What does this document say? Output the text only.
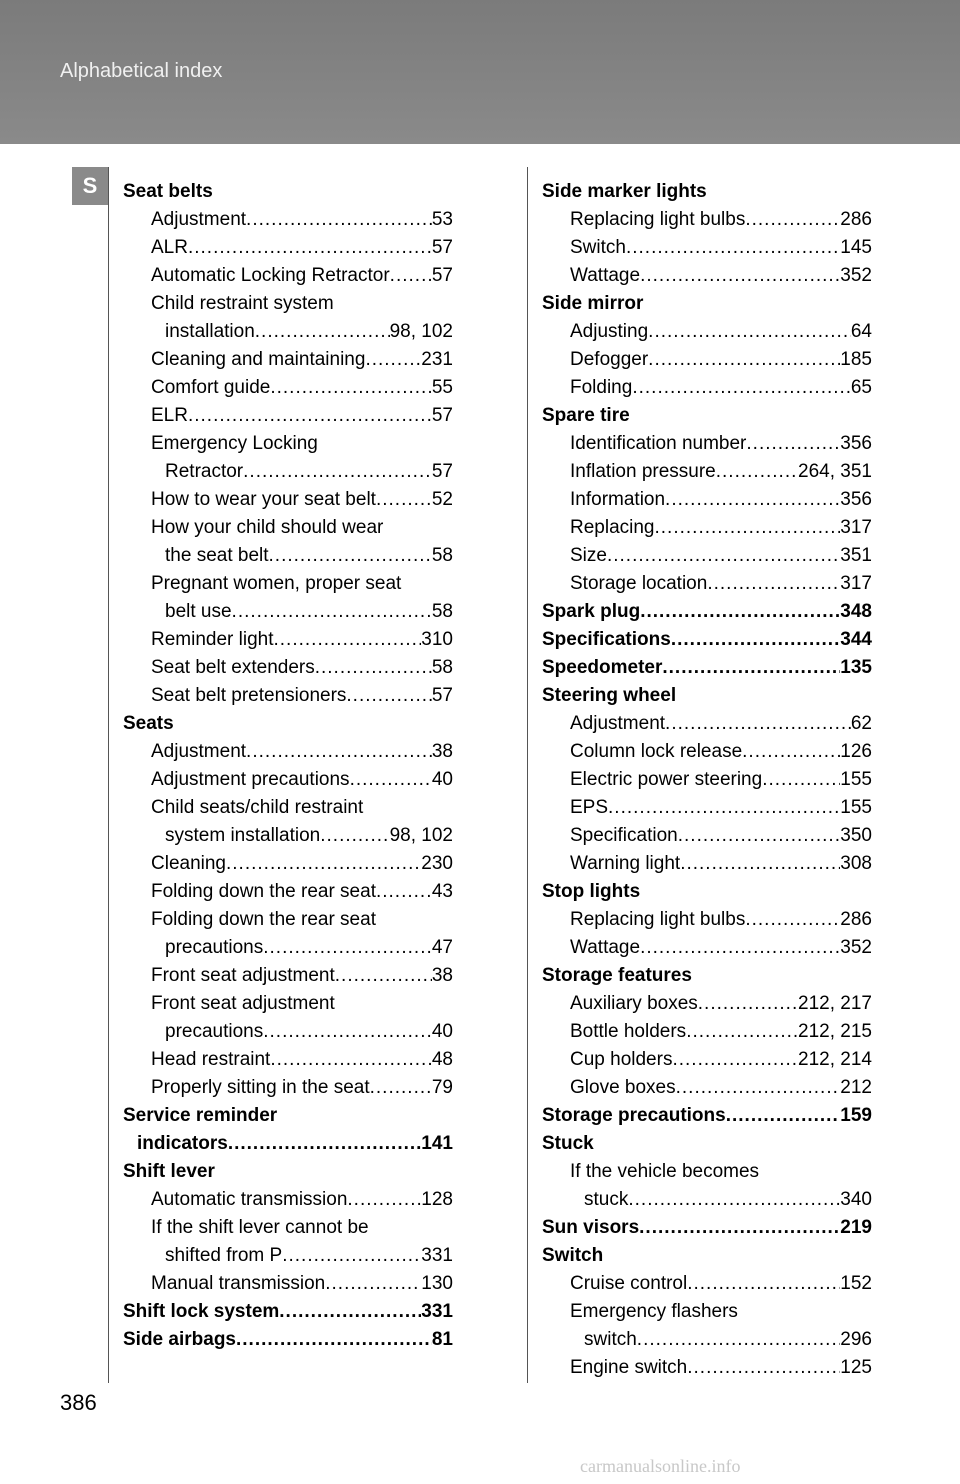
Alphabetical index
S	Seat belts
Adjustment .....	53
ALR .....	57
Automatic Locking Retractor ..... 57
Child restraint system
installation .....	98, 102
Cleaning and maintaining .....	231
Comfort guide .....	55
ELR .....	57
Emergency Locking
Retractor .....	57
How to wear your seat belt .....	52
How your child should wear
the seat belt .....	58
Pregnant women, proper seat
belt use .....	58
Reminder light .....	310
Seat belt extenders .....	58
Seat belt pretensioners .....	57
Seats
Adjustment .....	38
Adjustment precautions .....	40
Child seats/child restraint
system installation .....	98, 102
Cleaning .....	230
Folding down the rear seat .....	43
Folding down the rear seat
precautions .....	47
Front seat adjustment .....	38
Front seat adjustment
precautions .....	40
Head restraint .....	48
Properly sitting in the seat .....	79
Service reminder
indicators .....	141
Shift lever
Automatic transmission .....	128
If the shift lever cannot be
shifted from P .....	331
Manual transmission .....	130
Shift lock system .....	331
Side airbags .....	81
Side marker lights
Replacing light bulbs .....	286
Switch .....	145
Wattage .....	352
Side mirror
Adjusting .....	64
Defogger .....	185
Folding .....	65
Spare tire
Identification number .....	356
Inflation pressure .....	264, 351
Information .....	356
Replacing .....	317
Size .....	351
Storage location .....	317
Spark plug .....	348
Specifications .....	344
Speedometer .....	135
Steering wheel
Adjustment .....	62
Column lock release .....	126
Electric power steering .....	155
EPS .....	155
Specification .....	350
Warning light .....	308
Stop lights
Replacing light bulbs .....	286
Wattage .....	352
Storage features
Auxiliary boxes .....	212, 217
Bottle holders .....	212, 215
Cup holders .....	212, 214
Glove boxes .....	212
Storage precautions .....	159
Stuck
If the vehicle becomes
stuck .....	340
Sun visors .....	219
Switch
Cruise control .....	152
Emergency flashers
switch .....	296
Engine switch .....	125
386
carmanualsonline.info
